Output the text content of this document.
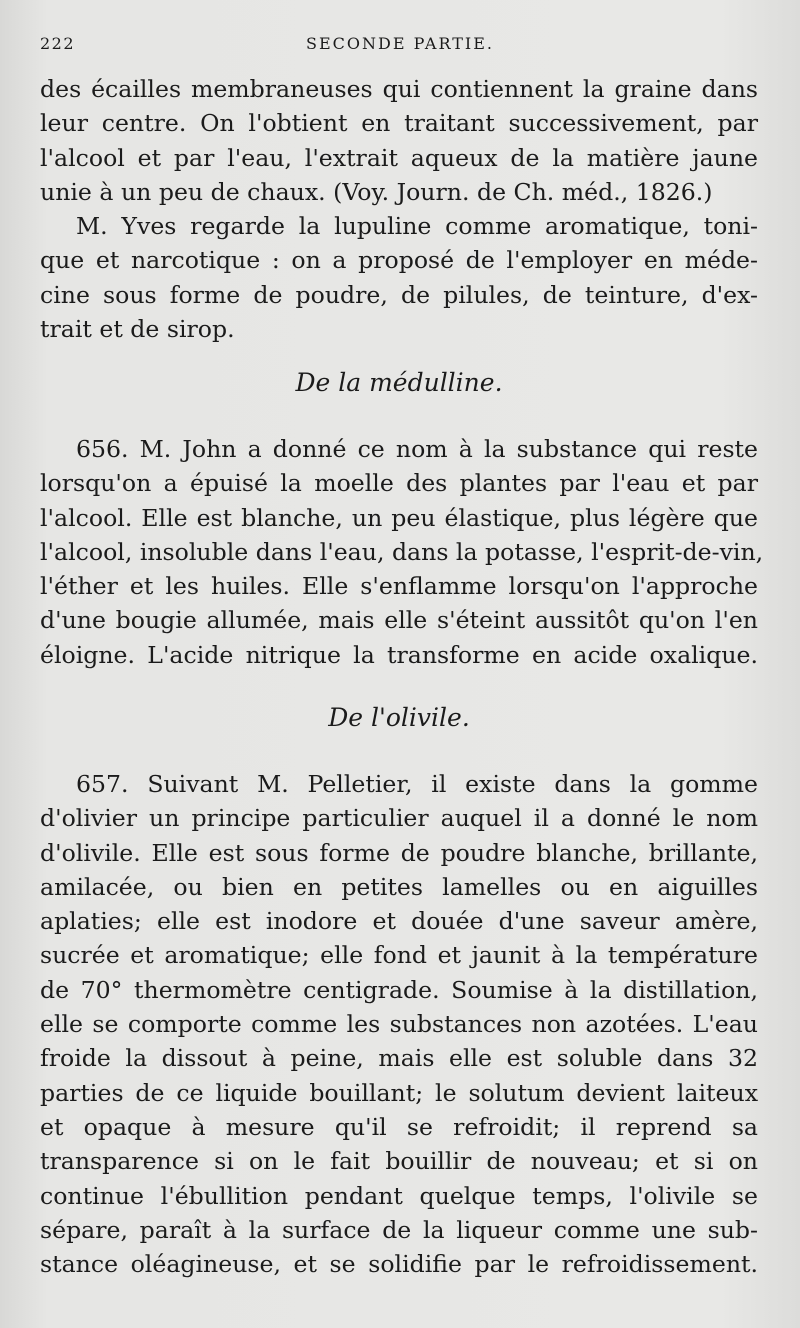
222	SECONDE PARTIE.
des écailles membraneuses qui contiennent la graine dans
leur centre. On l'obtient en traitant successivement, par
l'alcool et par l'eau, l'extrait aqueux de la matière jaune
unie à un peu de chaux. (Voy. Journ. de Ch. méd., 1826.)
M. Yves regarde la lupuline comme aromatique, toni-
que et narcotique : on a proposé de l'employer en méde-
cine sous forme de poudre, de pilules, de teinture, d'ex-
trait et de sirop.
De la médulline.
656. M. John a donné ce nom à la substance qui reste
lorsqu'on a épuisé la moelle des plantes par l'eau et par
l'alcool. Elle est blanche, un peu élastique, plus légère que
l'alcool, insoluble dans l'eau, dans la potasse, l'esprit-de-vin,
l'éther et les huiles. Elle s'enflamme lorsqu'on l'approche
d'une bougie allumée, mais elle s'éteint aussitôt qu'on l'en
éloigne. L'acide nitrique la transforme en acide oxalique.
De l'olivile.
657. Suivant M. Pelletier, il existe dans la gomme
d'olivier un principe particulier auquel il a donné le nom
d'olivile. Elle est sous forme de poudre blanche, brillante,
amilacée, ou bien en petites lamelles ou en aiguilles
aplaties; elle est inodore et douée d'une saveur amère,
sucrée et aromatique; elle fond et jaunit à la température
de 70° thermomètre centigrade. Soumise à la distillation,
elle se comporte comme les substances non azotées. L'eau
froide la dissout à peine, mais elle est soluble dans 32
parties de ce liquide bouillant; le solutum devient laiteux
et opaque à mesure qu'il se refroidit; il reprend sa
transparence si on le fait bouillir de nouveau; et si on
continue l'ébullition pendant quelque temps, l'olivile se
sépare, paraît à la surface de la liqueur comme une sub-
stance oléagineuse, et se solidifie par le refroidissement.
